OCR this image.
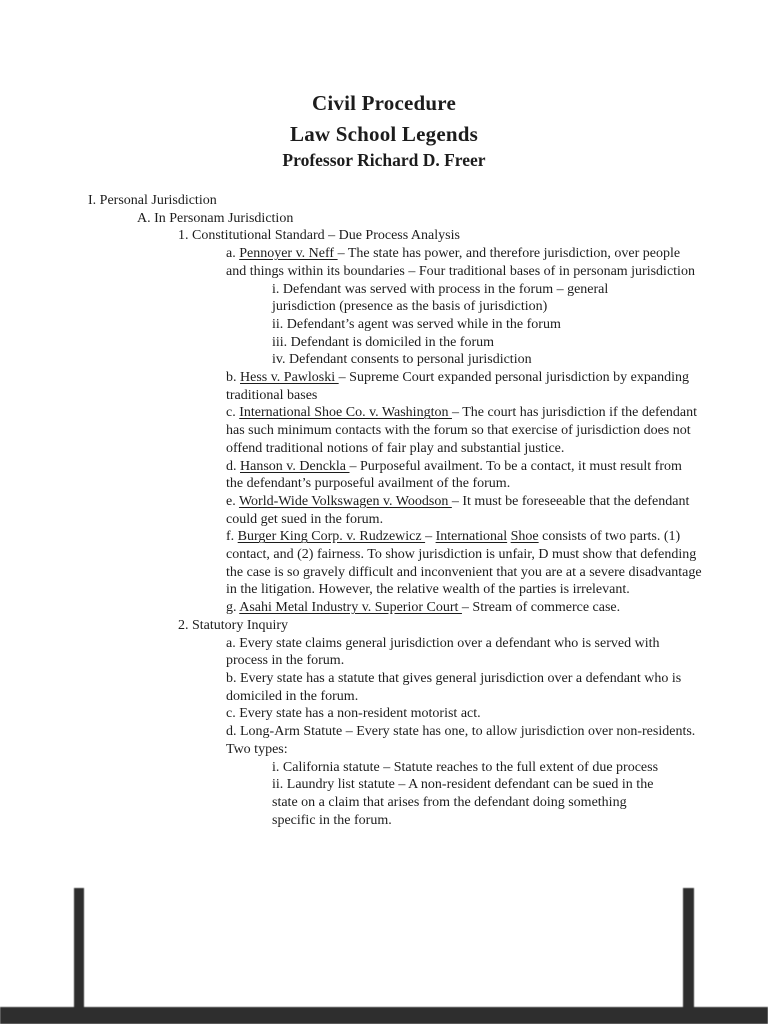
Civil Procedure
Law School Legends
Professor Richard D. Freer
I. Personal Jurisdiction
A. In Personam Jurisdiction
1. Constitutional Standard – Due Process Analysis
a. Pennoyer v. Neff – The state has power, and therefore jurisdiction, over people and things within its boundaries – Four traditional bases of in personam jurisdiction
i. Defendant was served with process in the forum – general jurisdiction (presence as the basis of jurisdiction)
ii. Defendant’s agent was served while in the forum
iii. Defendant is domiciled in the forum
iv. Defendant consents to personal jurisdiction
b. Hess v. Pawloski – Supreme Court expanded personal jurisdiction by expanding traditional bases
c. International Shoe Co. v. Washington – The court has jurisdiction if the defendant has such minimum contacts with the forum so that exercise of jurisdiction does not offend traditional notions of fair play and substantial justice.
d. Hanson v. Denckla – Purposeful availment. To be a contact, it must result from the defendant’s purposeful availment of the forum.
e. World-Wide Volkswagen v. Woodson – It must be foreseeable that the defendant could get sued in the forum.
f. Burger King Corp. v. Rudzewicz – International Shoe consists of two parts. (1) contact, and (2) fairness. To show jurisdiction is unfair, D must show that defending the case is so gravely difficult and inconvenient that you are at a severe disadvantage in the litigation. However, the relative wealth of the parties is irrelevant.
g. Asahi Metal Industry v. Superior Court – Stream of commerce case.
2. Statutory Inquiry
a. Every state claims general jurisdiction over a defendant who is served with process in the forum.
b. Every state has a statute that gives general jurisdiction over a defendant who is domiciled in the forum.
c. Every state has a non-resident motorist act.
d. Long-Arm Statute – Every state has one, to allow jurisdiction over non-residents. Two types:
i. California statute – Statute reaches to the full extent of due process
ii. Laundry list statute – A non-resident defendant can be sued in the state on a claim that arises from the defendant doing something specific in the forum.
